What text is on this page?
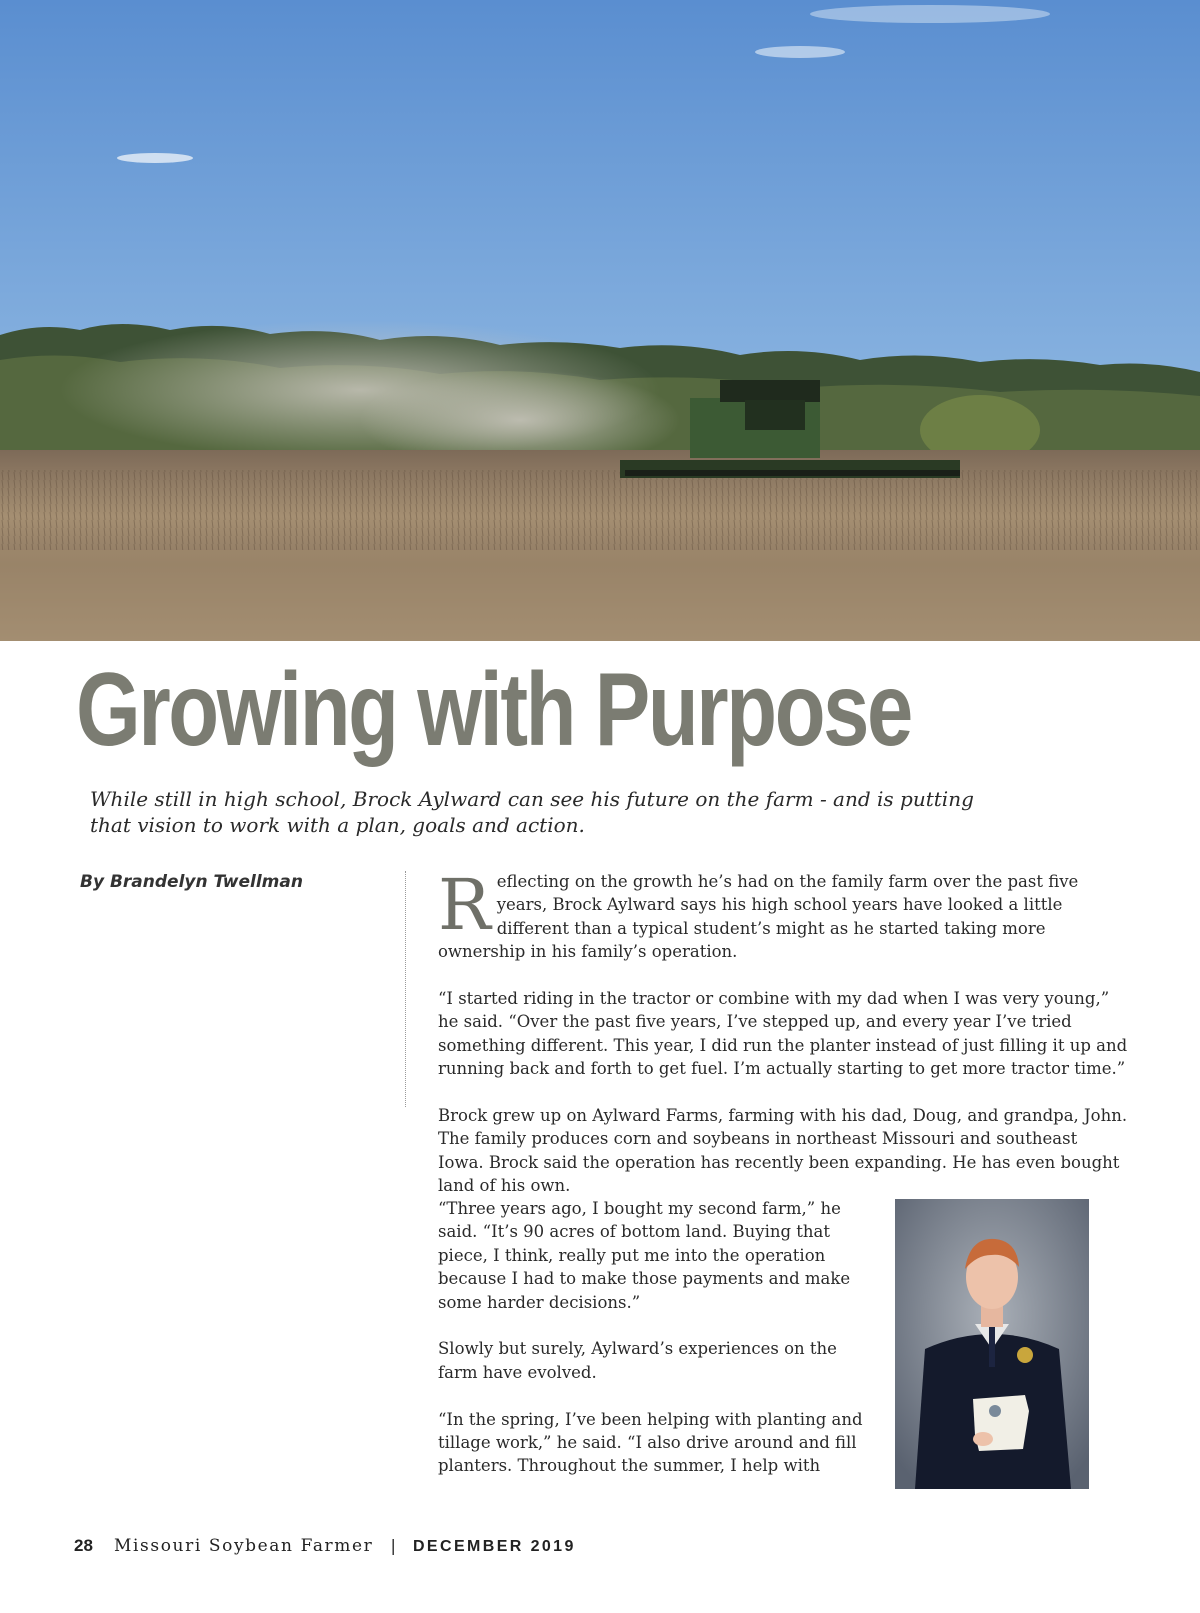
Growing with Purpose

While still in high school, Brock Aylward can see his future on the farm - and is putting that vision to work with a plan, goals and action.

By Brandelyn Twellman Reflecting on the growth he’s had on the family farm over the past five years, Brock Aylward says his high school years have looked a little different than a typical student’s might as he started taking more ownership in his family’s operation.

“I started riding in the tractor or combine with my dad when I was very young,” he said. “Over the past five years, I’ve stepped up, and every year I’ve tried something different. This year, I did run the planter instead of just filling it up and running back and forth to get fuel. I’m actually starting to get more tractor time.”

Brock grew up on Aylward Farms, farming with his dad, Doug, and grandpa, John. The family produces corn and soybeans in northeast Missouri and southeast Iowa. Brock said the operation has recently been expanding. He has even bought land of his own.

“Three years ago, I bought my second farm,” he said. “It’s 90 acres of bottom land. Buying that piece, I think, really put me into the operation because I had to make those payments and make some harder decisions.”

Slowly but surely, Aylward’s experiences on the farm have evolved.

“In the spring, I’ve been helping with planting and tillage work,” he said. “I also drive around and fill planters. Throughout the summer, I help with

28 Missouri Soybean Farmer | DECEMBER 2019
